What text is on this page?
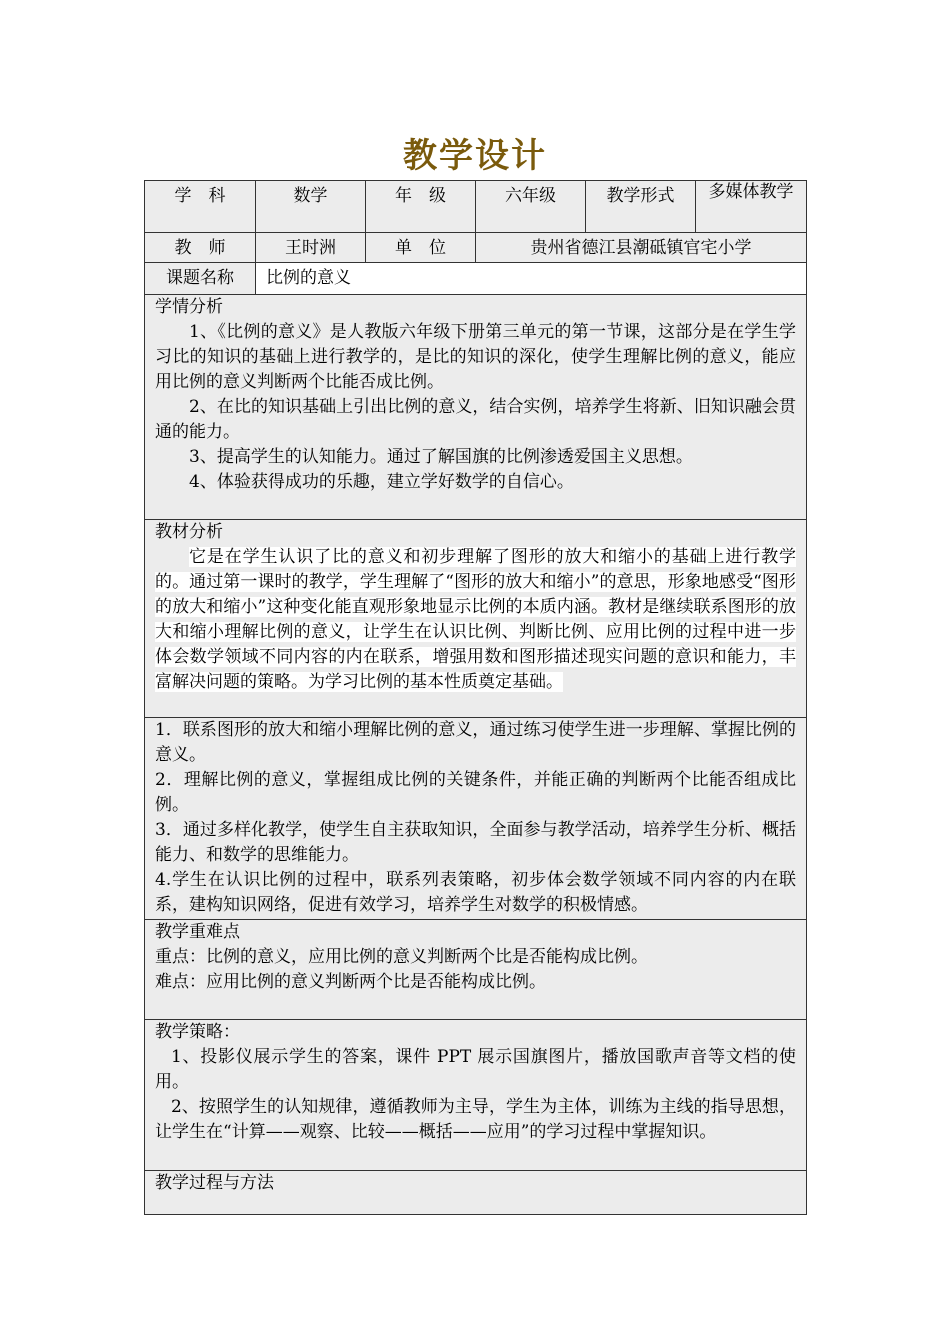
教学设计
学　科	数学	年　级	六年级	教学形式	多媒体教学
教　师	王时洲	单　位	贵州省德江县潮砥镇官宅小学		
课题名称	比例的意义				

学情分析
1、《比例的意义》是人教版六年级下册第三单元的第一节课，这部分是在学生学习比的知识的基础上进行教学的，是比的知识的深化，使学生理解比例的意义，能应用比例的意义判断两个比能否成比例。
2、在比的知识基础上引出比例的意义，结合实例，培养学生将新、旧知识融会贯通的能力。
3、提高学生的认知能力。通过了解国旗的比例渗透爱国主义思想。
4、体验获得成功的乐趣，建立学好数学的自信心。					

教材分析
它是在学生认识了比的意义和初步理解了图形的放大和缩小的基础上进行教学的。通过第一课时的教学，学生理解了“图形的放大和缩小”的意思，形象地感受“图形的放大和缩小”这种变化能直观形象地显示比例的本质内涵。教材是继续联系图形的放大和缩小理解比例的意义，让学生在认识比例、判断比例、应用比例的过程中进一步体会数学领域不同内容的内在联系，增强用数和图形描述现实问题的意识和能力，丰富解决问题的策略。为学习比例的基本性质奠定基础。					

1．联系图形的放大和缩小理解比例的意义，通过练习使学生进一步理解、掌握比例的意义。
2．理解比例的意义，掌握组成比例的关键条件，并能正确的判断两个比能否组成比例。
3．通过多样化教学，使学生自主获取知识，全面参与教学活动，培养学生分析、概括能力、和数学的思维能力。
4.学生在认识比例的过程中，联系列表策略，初步体会数学领域不同内容的内在联系，建构知识网络，促进有效学习，培养学生对数学的积极情感。					

教学重难点
重点：比例的意义，应用比例的意义判断两个比是否能构成比例。
难点：应用比例的意义判断两个比是否能构成比例。					

教学策略：
1、投影仪展示学生的答案，课件 PPT 展示国旗图片，播放国歌声音等文档的使用。
2、按照学生的认知规律，遵循教师为主导，学生为主体，训练为主线的指导思想，让学生在“计算——观察、比较——概括——应用”的学习过程中掌握知识。					

教学过程与方法					
